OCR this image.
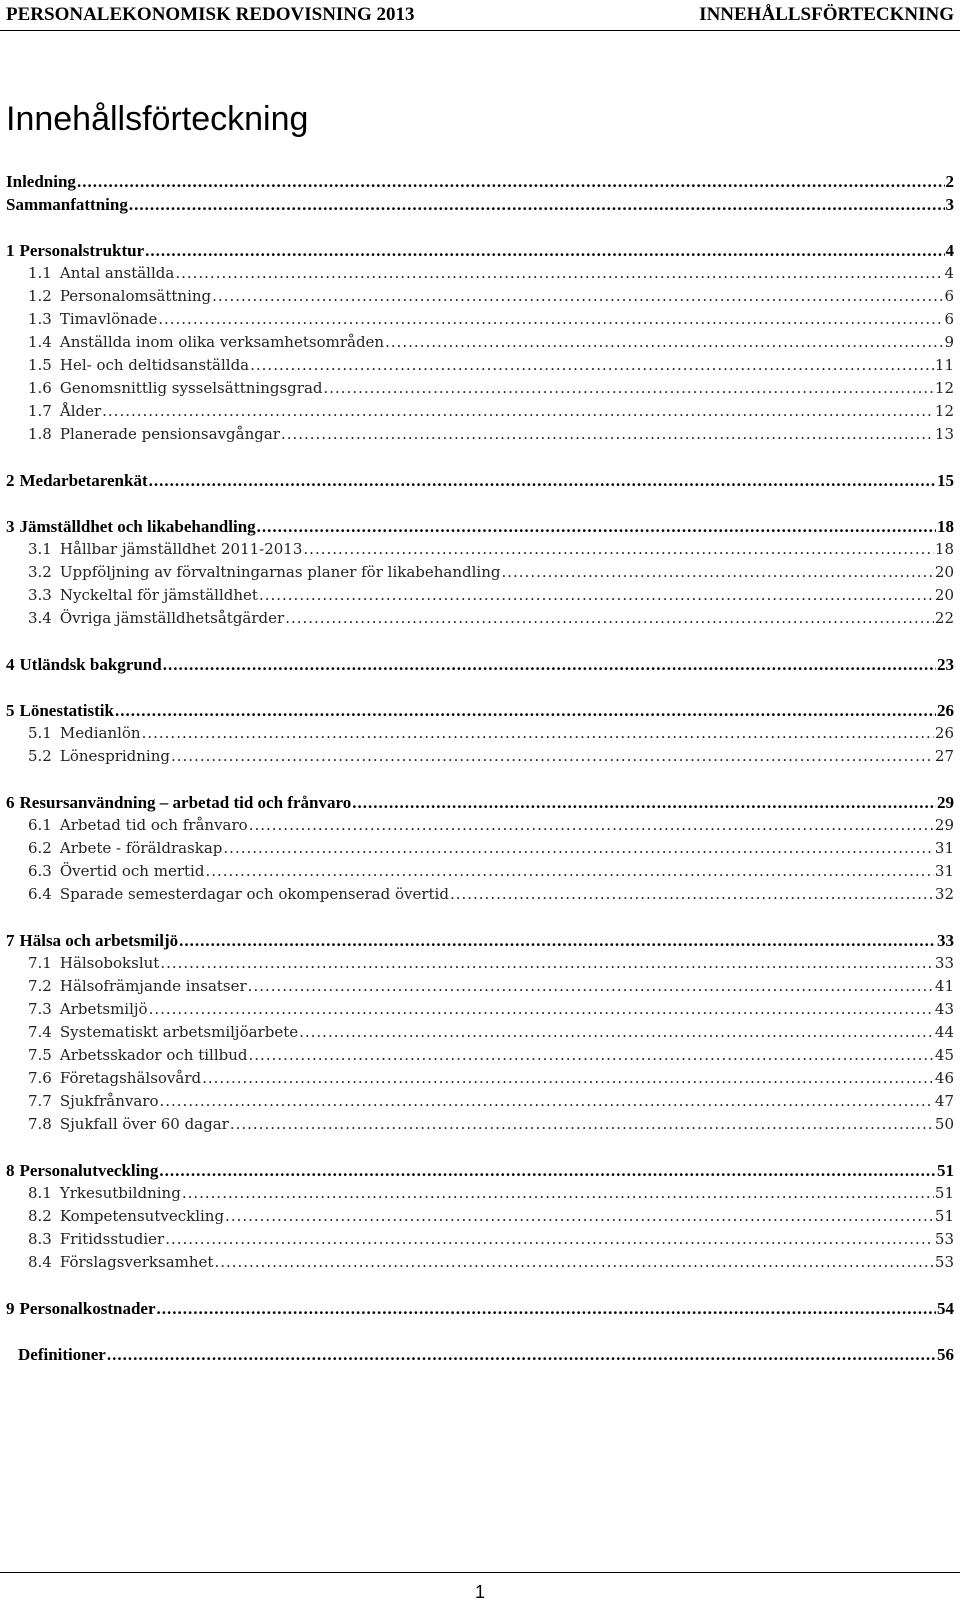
PERSONALEKONOMISK REDOVISNING 2013	INNEHÅLLSFÖRTECKNING
Innehållsförteckning
Inledning .....	2
Sammanfattning .....	3
1 Personalstruktur .....	4
1.1 Antal anställda .....	4
1.2 Personalomsättning .....	6
1.3 Timavlönade .....	6
1.4 Anställda inom olika verksamhetsområden .....	9
1.5 Hel- och deltidsanställda .....	11
1.6 Genomsnittlig sysselsättningsgrad .....	12
1.7 Ålder .....	12
1.8 Planerade pensionsavgångar .....	13
2 Medarbetarenkät .....	15
3 Jämställdhet och likabehandling .....	18
3.1 Hållbar jämställdhet 2011-2013 .....	18
3.2 Uppföljning av förvaltningarnas planer för likabehandling .....	20
3.3 Nyckeltal för jämställdhet .....	20
3.4 Övriga jämställdhetsåtgärder .....	22
4 Utländsk bakgrund .....	23
5 Lönestatistik .....	26
5.1 Medianlön .....	26
5.2 Lönespridning .....	27
6 Resursanvändning – arbetad tid och frånvaro .....	29
6.1 Arbetad tid och frånvaro .....	29
6.2 Arbete - föräldraskap .....	31
6.3 Övertid och mertid .....	31
6.4 Sparade semesterdagar och okompenserad övertid .....	32
7 Hälsa och arbetsmiljö .....	33
7.1 Hälsobokslut .....	33
7.2 Hälsofrämjande insatser .....	41
7.3 Arbetsmiljö .....	43
7.4 Systematiskt arbetsmiljöarbete .....	44
7.5 Arbetsskador och tillbud .....	45
7.6 Företagshälsovård .....	46
7.7 Sjukfrånvaro .....	47
7.8 Sjukfall över 60 dagar .....	50
8 Personalutveckling .....	51
8.1 Yrkesutbildning .....	51
8.2 Kompetensutveckling .....	51
8.3 Fritidsstudier .....	53
8.4 Förslagsverksamhet .....	53
9 Personalkostnader .....	54
Definitioner .....	56
1
